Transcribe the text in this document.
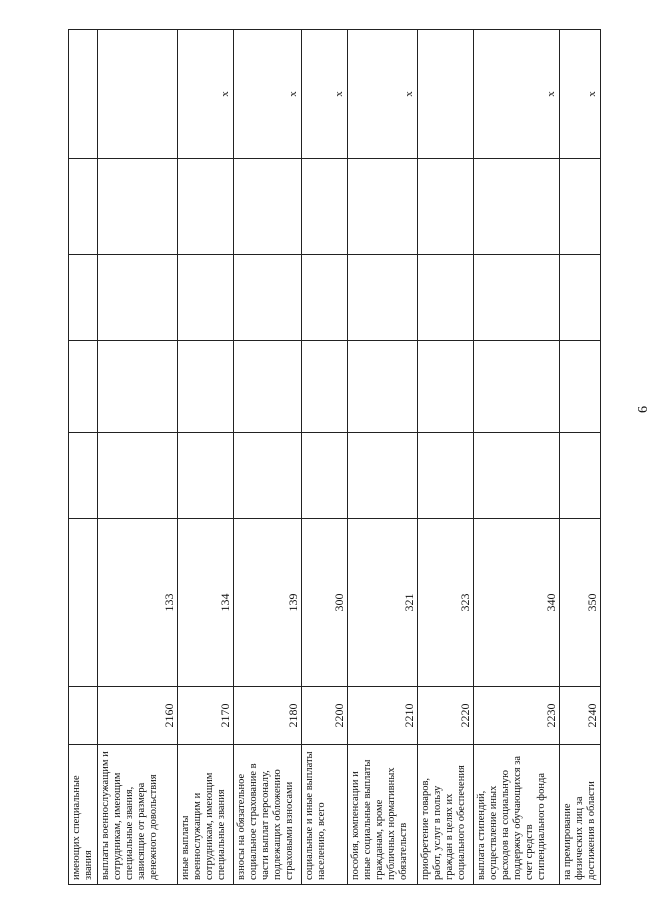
6
имеющих специальные звания							
выплаты военнослужащим и сотрудникам, имеющим специальные звания, зависящие от размера денежного довольствия	2160	133					
иные выплаты военнослужащим и сотрудникам, имеющим специальные звания	2170	134					x
взносы на обязательное социальное страхование в части выплат персоналу, подлежащих обложению страховыми взносами	2180	139					x
социальные и иные выплаты населению, всего	2200	300					x
пособия, компенсации и иные социальные выплаты гражданам, кроме публичных нормативных обязательств	2210	321					x
приобретение товаров, работ, услуг в пользу граждан в целях их социального обеспечения	2220	323					
выплата стипендий, осуществление иных расходов на социальную поддержку обучающихся за счет средств стипендиального фонда	2230	340					x
на премирование физических лиц за достижения в области	2240	350					x
